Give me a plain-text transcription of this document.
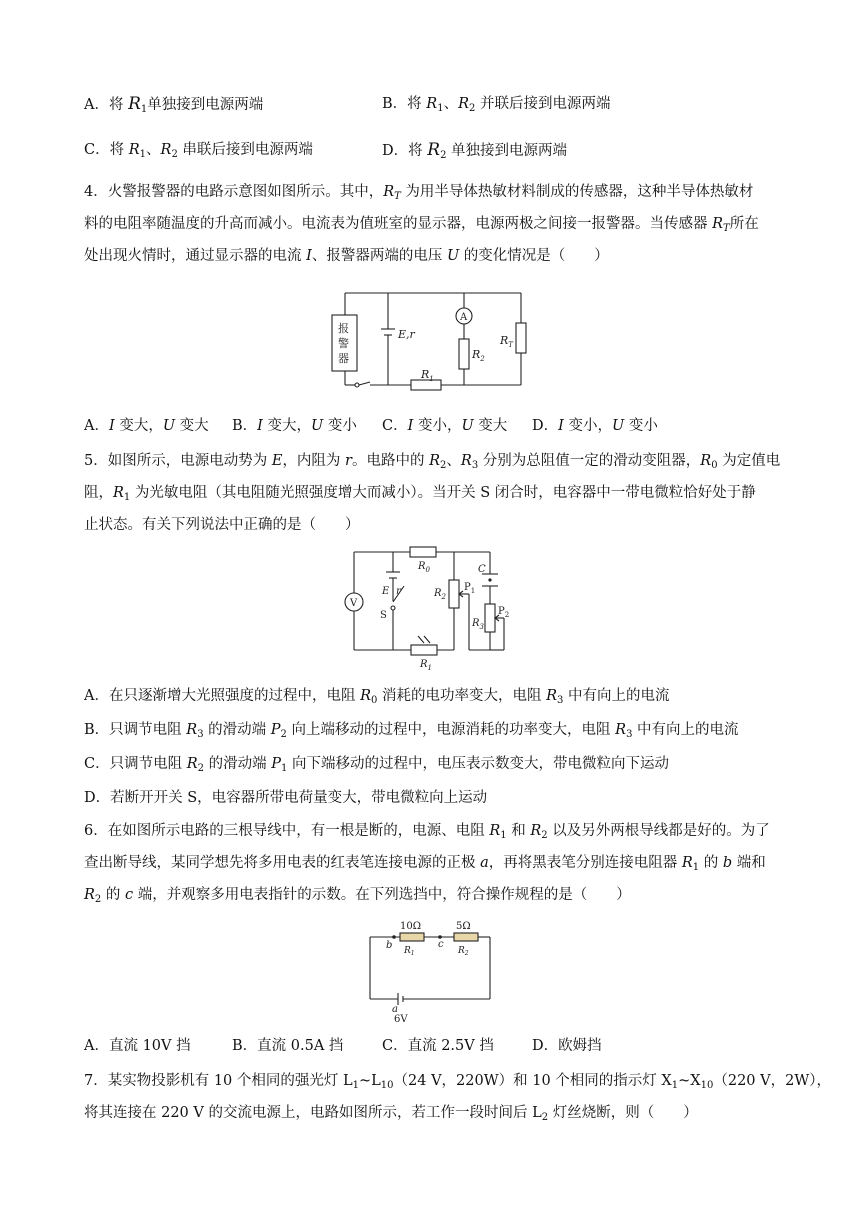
A．将 $R_1$单独接到电源两端	B．将 $R_1$、$R_2$ 并联后接到电源两端
C．将 $R_1$、$R_2$ 串联后接到电源两端	D．将 $R_2$ 单独接到电源两端
4．火警报警器的电路示意图如图所示。其中，$R_T$ 为用半导体热敏材料制成的传感器，这种半导体热敏材
料的电阻率随温度的升高而减小。电流表为值班室的显示器，电源两极之间接一报警器。当传感器 $R_T$所在
处出现火情时，通过显示器的电流 I、报警器两端的电压 U 的变化情况是（　　）
报
警
器
E,r
A
$R_2$
$R_T$
$R_1$
A．I 变大，U 变大 B．I 变大，U 变小 C．I 变小，U 变大 D．I 变小，U 变小
5．如图所示，电源电动势为 E，内阻为 r。电路中的 $R_2$、$R_3$ 分别为总阻值一定的滑动变阻器，$R_0$ 为定值电
阻，$R_1$ 为光敏电阻（其电阻随光照强度增大而减小）。当开关 S 闭合时，电容器中一带电微粒恰好处于静
止状态。有关下列说法中正确的是（　　）
V
E r
S
$R_0$
$R_1$
$R_2$
$P_1$
C
$R_3$
$P_2$
A．在只逐渐增大光照强度的过程中，电阻 $R_0$ 消耗的电功率变大，电阻 $R_3$ 中有向上的电流
B．只调节电阻 $R_3$ 的滑动端 $P_2$ 向上端移动的过程中，电源消耗的功率变大，电阻 $R_3$ 中有向上的电流
C．只调节电阻 $R_2$ 的滑动端 $P_1$ 向下端移动的过程中，电压表示数变大，带电微粒向下运动
D．若断开开关 S，电容器所带电荷量变大，带电微粒向上运动
6．在如图所示电路的三根导线中，有一根是断的，电源、电阻 $R_1$ 和 $R_2$ 以及另外两根导线都是好的。为了
查出断导线，某同学想先将多用电表的红表笔连接电源的正极 a，再将黑表笔分别连接电阻器 $R_1$ 的 b 端和
$R_2$ 的 c 端，并观察多用电表指针的示数。在下列选挡中，符合操作规程的是（　　）
10Ω	5Ω
b	c
$R_1$	$R_2$
a
6V
A．直流 10V 挡	B．直流 0.5A 挡	C．直流 2.5V 挡	D．欧姆挡
7．某实物投影机有 10 个相同的强光灯 $L_1\sim L_{10}(24$ V，220W）和 10 个相同的指示灯 $X_1\sim X_{10}(220$ V，2W），
将其连接在 220 V 的交流电源上，电路如图所示，若工作一段时间后 $L_2$ 灯丝烧断，则（　　）
